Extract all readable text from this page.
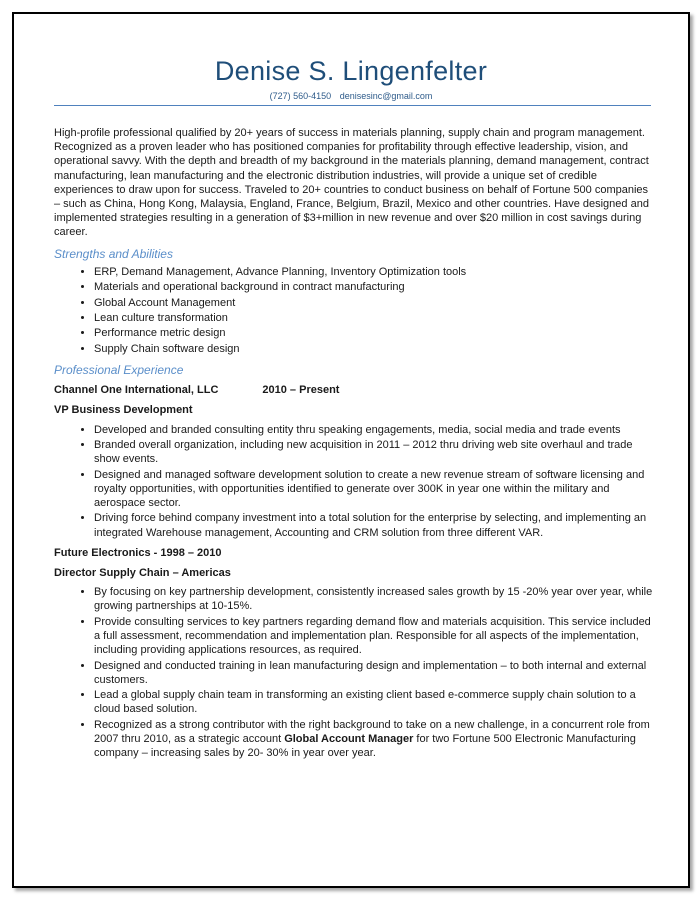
Denise S. Lingenfelter
(727) 560-4150 denisesinc@gmail.com

High-profile professional qualified by 20+ years of success in materials planning, supply chain and program management. Recognized as a proven leader who has positioned companies for profitability through effective leadership, vision, and operational savvy. With the depth and breadth of my background in the materials planning, demand management, contract manufacturing, lean manufacturing and the electronic distribution industries, will provide a unique set of credible experiences to draw upon for success. Traveled to 20+ countries to conduct business on behalf of Fortune 500 companies – such as China, Hong Kong, Malaysia, England, France, Belgium, Brazil, Mexico and other countries. Have designed and implemented strategies resulting in a generation of $3+million in new revenue and over $20 million in cost savings during career.

Strengths and Abilities
• ERP, Demand Management, Advance Planning, Inventory Optimization tools
• Materials and operational background in contract manufacturing
• Global Account Management
• Lean culture transformation
• Performance metric design
• Supply Chain software design
Professional Experience
Channel One International, LLC	2010 – Present
VP Business Development
• Developed and branded consulting entity thru speaking engagements, media, social media and trade events
• Branded overall organization, including new acquisition in 2011 – 2012 thru driving web site overhaul and trade show events.
• Designed and managed software development solution to create a new revenue stream of software licensing and royalty opportunities, with opportunities identified to generate over 300K in year one within the military and aerospace sector.
• Driving force behind company investment into a total solution for the enterprise by selecting, and implementing an integrated Warehouse management, Accounting and CRM solution from three different VAR.
Future Electronics - 1998 – 2010
Director Supply Chain – Americas
• By focusing on key partnership development, consistently increased sales growth by 15 -20% year over year, while growing partnerships at 10-15%.
• Provide consulting services to key partners regarding demand flow and materials acquisition. This service included a full assessment, recommendation and implementation plan. Responsible for all aspects of the implementation, including providing applications resources, as required.
• Designed and conducted training in lean manufacturing design and implementation – to both internal and external customers.
• Lead a global supply chain team in transforming an existing client based e-commerce supply chain solution to a cloud based solution.
• Recognized as a strong contributor with the right background to take on a new challenge, in a concurrent role from 2007 thru 2010, as a strategic account Global Account Manager for two Fortune 500 Electronic Manufacturing company – increasing sales by 20- 30% in year over year.
